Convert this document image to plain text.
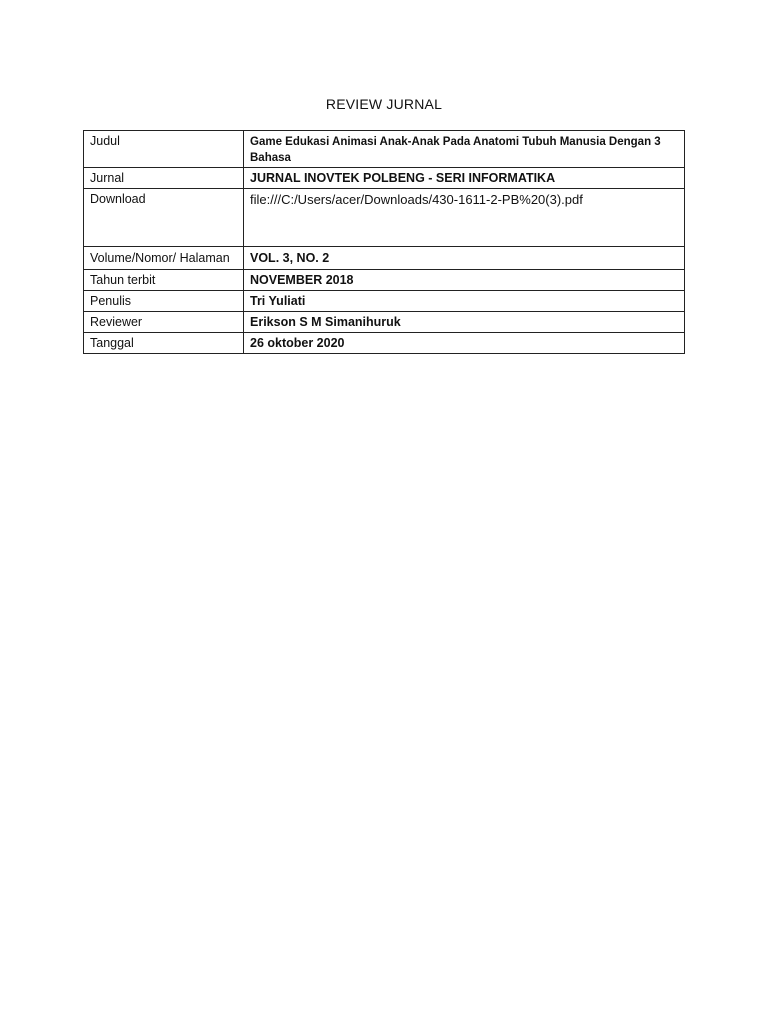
REVIEW JURNAL
Judul	Game Edukasi Animasi Anak-Anak Pada Anatomi Tubuh Manusia Dengan 3 Bahasa
Jurnal	JURNAL INOVTEK POLBENG - SERI INFORMATIKA
Download	file:///C:/Users/acer/Downloads/430-1611-2-PB%20(3).pdf
Volume/Nomor/ Halaman	VOL. 3, NO. 2
Tahun terbit	NOVEMBER 2018
Penulis	Tri Yuliati
Reviewer	Erikson S M Simanihuruk
Tanggal	26 oktober 2020
